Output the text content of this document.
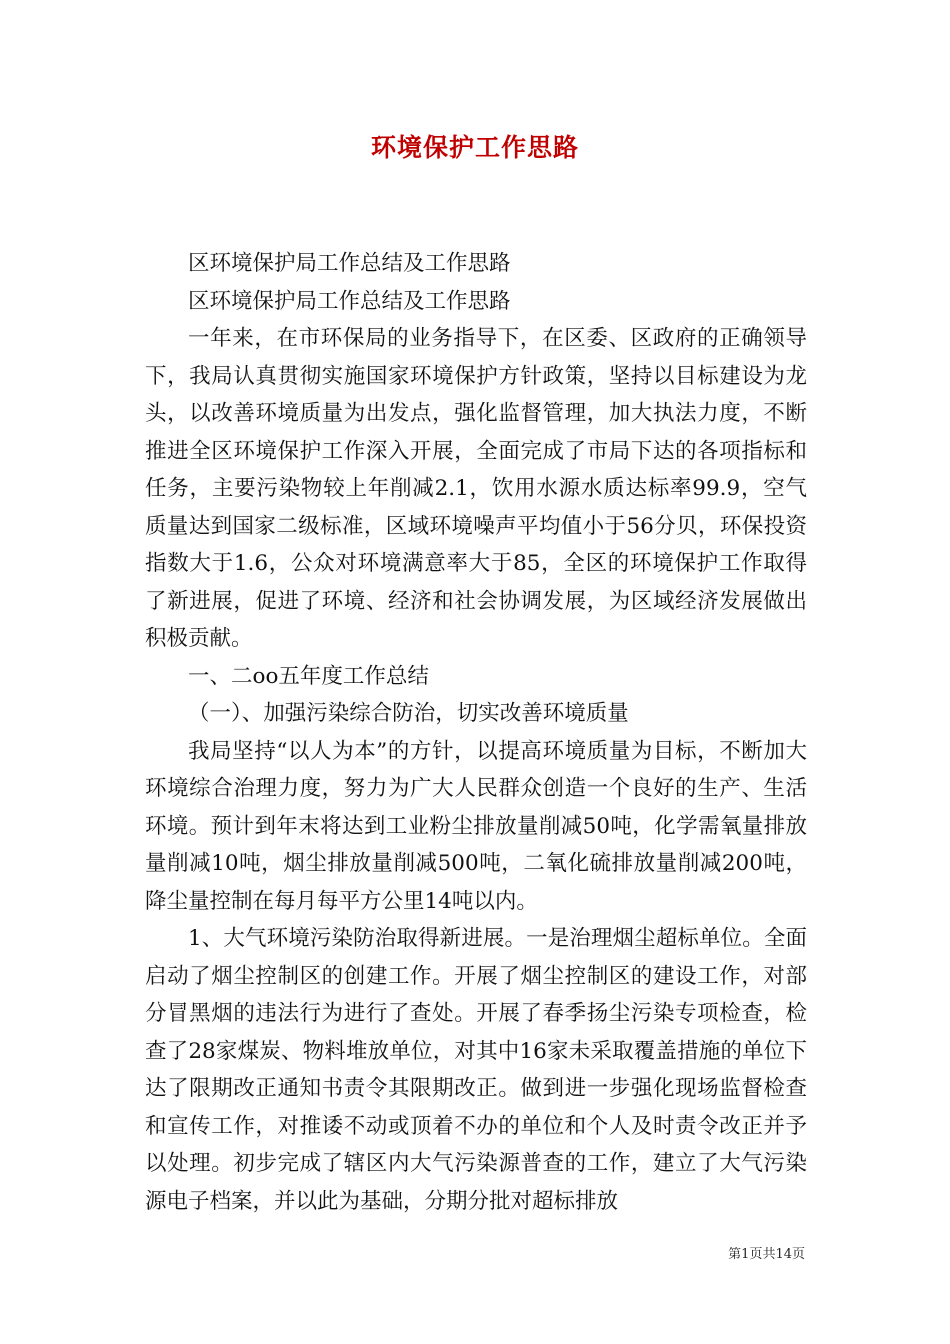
环境保护工作思路

区环境保护局工作总结及工作思路

区环境保护局工作总结及工作思路

一年来，在市环保局的业务指导下，在区委、区政府的正确领导下，我局认真贯彻实施国家环境保护方针政策，坚持以目标建设为龙头，以改善环境质量为出发点，强化监督管理，加大执法力度，不断推进全区环境保护工作深入开展，全面完成了市局下达的各项指标和任务，主要污染物较上年削减2.1，饮用水源水质达标率99.9，空气质量达到国家二级标准，区域环境噪声平均值小于56分贝，环保投资指数大于1.6，公众对环境满意率大于85，全区的环境保护工作取得了新进展，促进了环境、经济和社会协调发展，为区域经济发展做出积极贡献。

一、二oo五年度工作总结

（一）、加强污染综合防治，切实改善环境质量

我局坚持“以人为本”的方针，以提高环境质量为目标，不断加大环境综合治理力度，努力为广大人民群众创造一个良好的生产、生活环境。预计到年末将达到工业粉尘排放量削减50吨，化学需氧量排放量削减10吨，烟尘排放量削减500吨，二氧化硫排放量削减200吨，降尘量控制在每月每平方公里14吨以内。

1、大气环境污染防治取得新进展。一是治理烟尘超标单位。全面启动了烟尘控制区的创建工作。开展了烟尘控制区的建设工作，对部分冒黑烟的违法行为进行了查处。开展了春季扬尘污染专项检查，检查了28家煤炭、物料堆放单位，对其中16家未采取覆盖措施的单位下达了限期改正通知书责令其限期改正。做到进一步强化现场监督检查和宣传工作，对推诿不动或顶着不办的单位和个人及时责令改正并予以处理。初步完成了辖区内大气污染源普查的工作，建立了大气污染源电子档案，并以此为基础，分期分批对超标排放

第1页共14页
